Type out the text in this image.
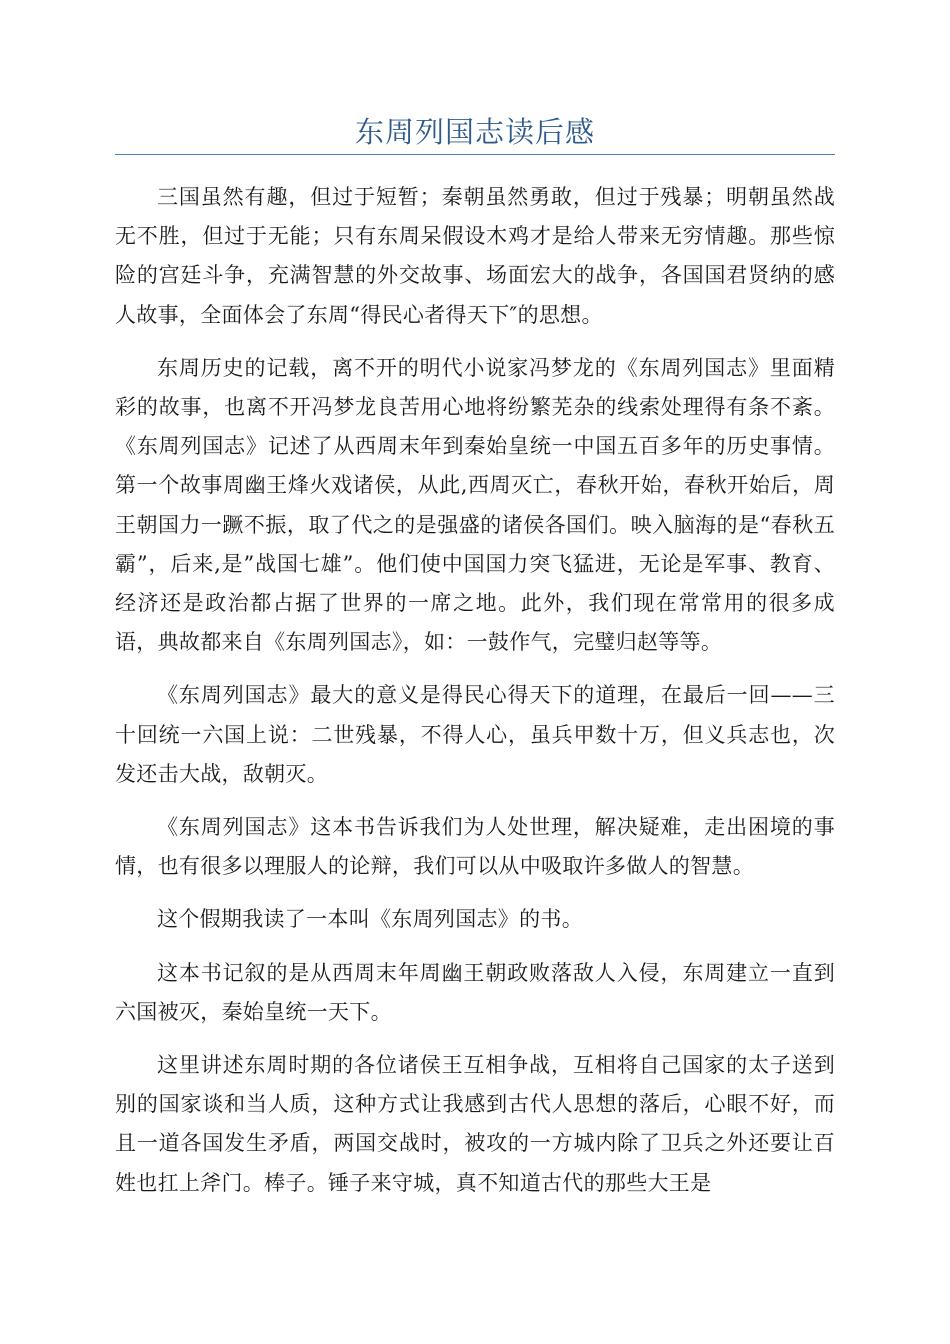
东周列国志读后感

三国虽然有趣，但过于短暂；秦朝虽然勇敢，但过于残暴；明朝虽然战无不胜，但过于无能；只有东周呆假设木鸡才是给人带来无穷情趣。那些惊险的宫廷斗争，充满智慧的外交故事、场面宏大的战争，各国国君贤纳的感人故事，全面体会了东周“得民心者得天下″的思想。

东周历史的记载，离不开的明代小说家冯梦龙的《东周列国志》里面精彩的故事，也离不开冯梦龙良苦用心地将纷繁芜杂的线索处理得有条不紊。《东周列国志》记述了从西周末年到秦始皇统一中国五百多年的历史事情。第一个故事周幽王烽火戏诸侯，从此,西周灭亡，春秋开始，春秋开始后，周王朝国力一蹶不振，取了代之的是强盛的诸侯各国们。映入脑海的是“春秋五霸”，后来,是”战国七雄”。他们使中国国力突飞猛进，无论是军事、教育、经济还是政治都占据了世界的一席之地。此外，我们现在常常用的很多成语，典故都来自《东周列国志》，如：一鼓作气，完璧归赵等等。

《东周列国志》最大的意义是得民心得天下的道理，在最后一回——三十回统一六国上说：二世残暴，不得人心，虽兵甲数十万，但义兵志也，次发还击大战，敌朝灭。

《东周列国志》这本书告诉我们为人处世理，解决疑难，走出困境的事情，也有很多以理服人的论辩，我们可以从中吸取许多做人的智慧。

这个假期我读了一本叫《东周列国志》的书。

这本书记叙的是从西周末年周幽王朝政败落敌人入侵，东周建立一直到六国被灭，秦始皇统一天下。

这里讲述东周时期的各位诸侯王互相争战，互相将自己国家的太子送到别的国家谈和当人质，这种方式让我感到古代人思想的落后，心眼不好，而且一道各国发生矛盾，两国交战时，被攻的一方城内除了卫兵之外还要让百姓也扛上斧门。棒子。锤子来守城，真不知道古代的那些大王是
